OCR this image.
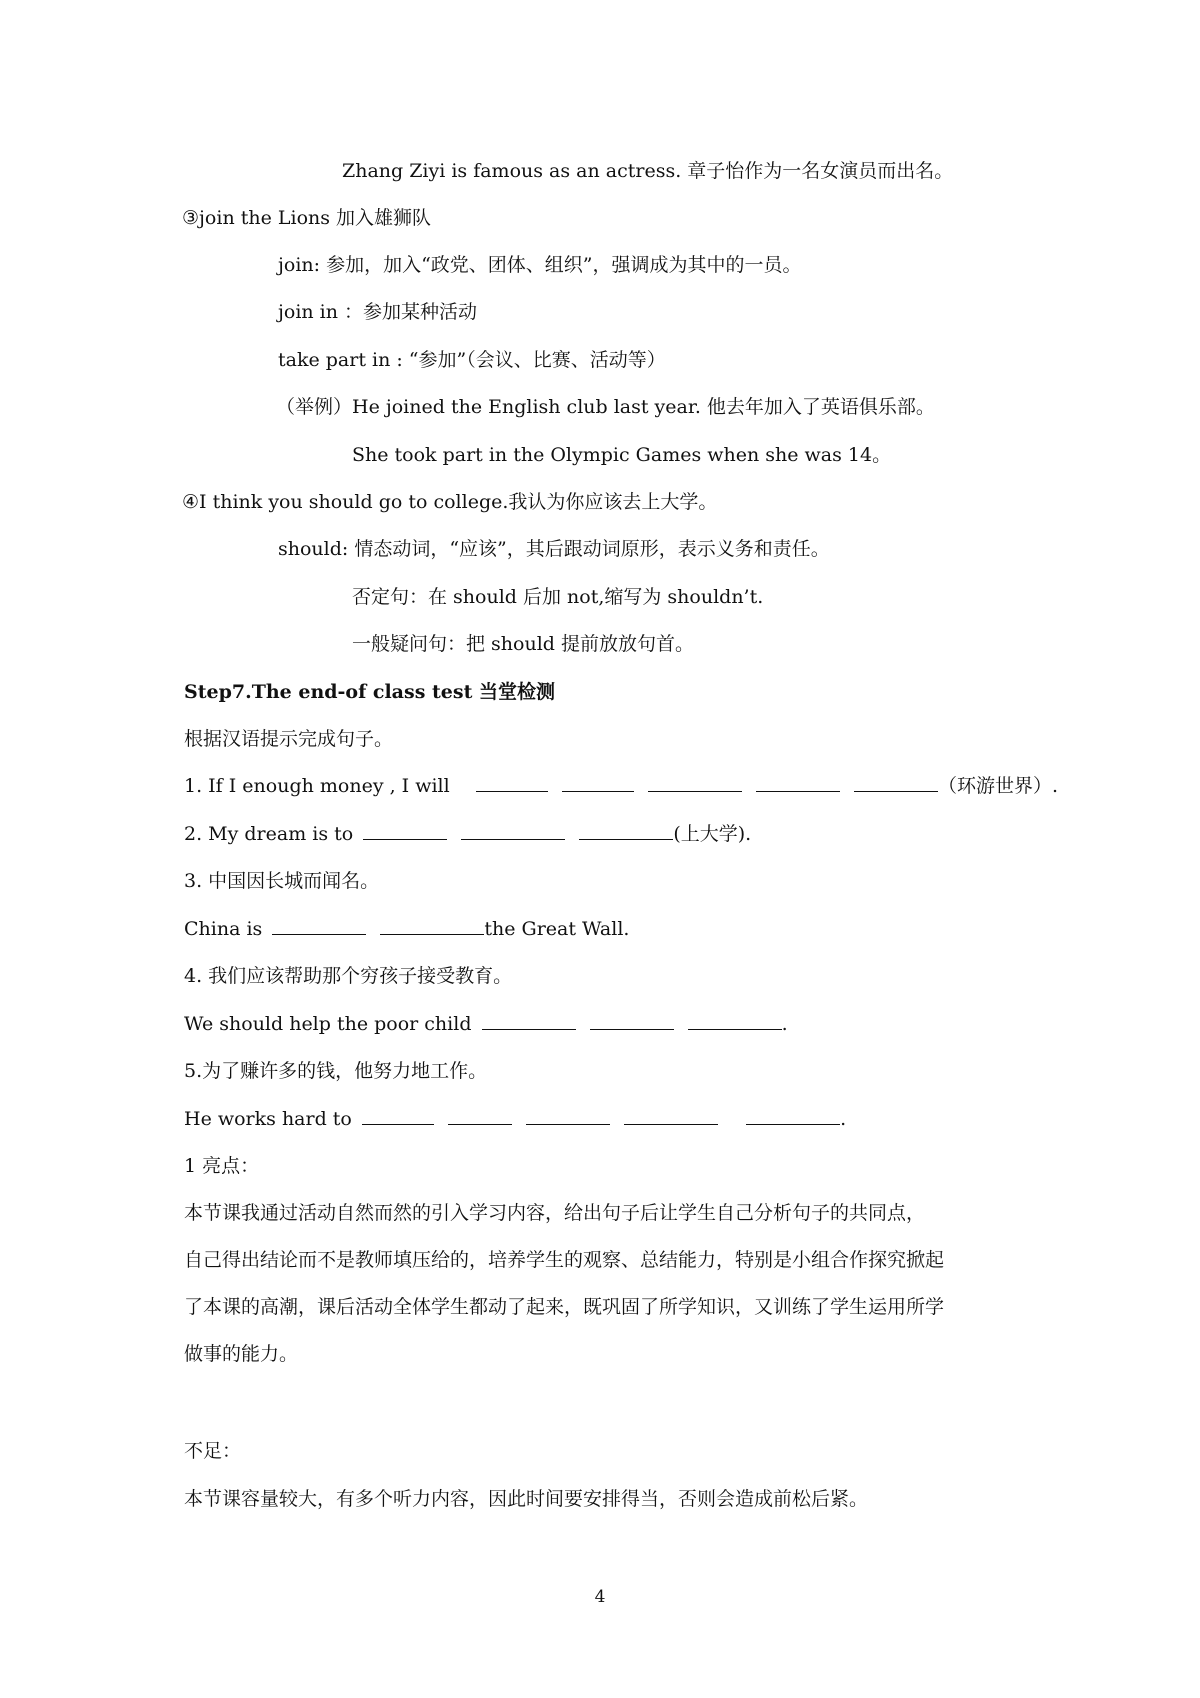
Zhang Ziyi is famous as an actress. 章子怡作为一名女演员而出名。
③join the Lions 加入雄狮队
join: 参加，加入“政党、团体、组织”，强调成为其中的一员。
join in ：参加某种活动
take part in : “参加”（会议、比赛、活动等）
（举例）He joined the English club last year. 他去年加入了英语俱乐部。
She took part in the Olympic Games when she was 14。
④I think you should go to college.我认为你应该去上大学。
should: 情态动词，“应该”，其后跟动词原形，表示义务和责任。
否定句：在 should 后加 not,缩写为 shouldn’t.
一般疑问句：把 should 提前放放句首。
Step7.The end-of class test 当堂检测
根据汉语提示完成句子。
1. If I enough money , I will	（环游世界）.
2. My dream is to	(上大学).
3. 中国因长城而闻名。
China is	the Great Wall.
4. 我们应该帮助那个穷孩子接受教育。
We should help the poor child	.
5.为了赚许多的钱，他努力地工作。
He works hard to	.
1 亮点：
本节课我通过活动自然而然的引入学习内容，给出句子后让学生自己分析句子的共同点，
自己得出结论而不是教师填压给的，培养学生的观察、总结能力，特别是小组合作探究掀起
了本课的高潮，课后活动全体学生都动了起来，既巩固了所学知识，又训练了学生运用所学
做事的能力。
不足：
本节课容量较大，有多个听力内容，因此时间要安排得当，否则会造成前松后紧。
4
